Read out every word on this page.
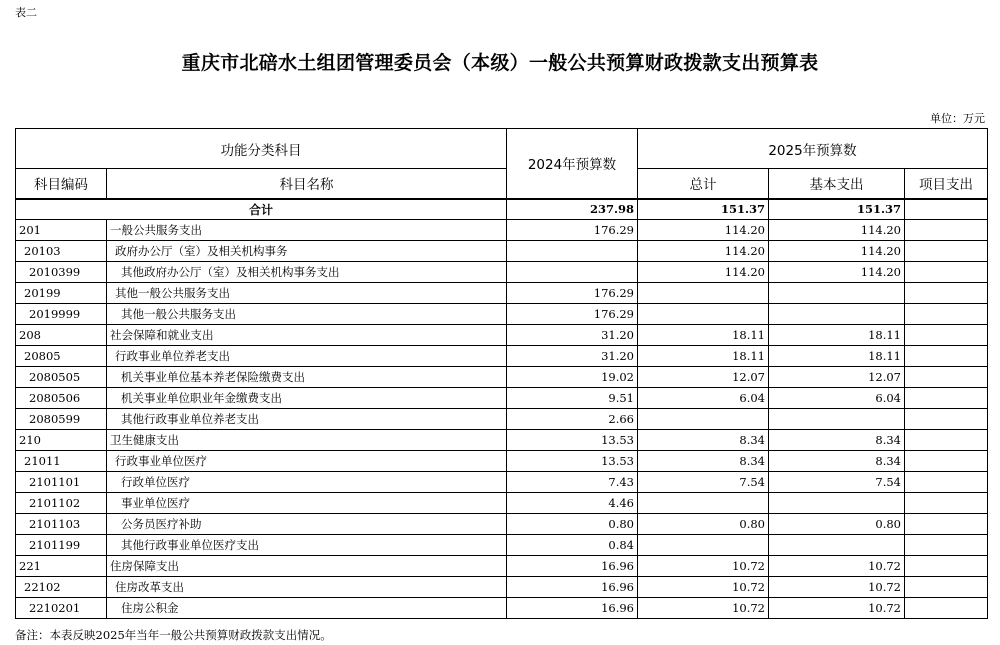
表二
重庆市北碚水土组团管理委员会（本级）一般公共预算财政拨款支出预算表
单位：万元
功能分类科目		2024年预算数	2025年预算数		
科目编码	科目名称		总计	基本支出	项目支出
合计		237.98	151.37	151.37	
201	一般公共服务支出	176.29	114.20	114.20	
20103	政府办公厅（室）及相关机构事务		114.20	114.20	
2010399	其他政府办公厅（室）及相关机构事务支出		114.20	114.20	
20199	其他一般公共服务支出	176.29			
2019999	其他一般公共服务支出	176.29			
208	社会保障和就业支出	31.20	18.11	18.11	
20805	行政事业单位养老支出	31.20	18.11	18.11	
2080505	机关事业单位基本养老保险缴费支出	19.02	12.07	12.07	
2080506	机关事业单位职业年金缴费支出	9.51	6.04	6.04	
2080599	其他行政事业单位养老支出	2.66			
210	卫生健康支出	13.53	8.34	8.34	
21011	行政事业单位医疗	13.53	8.34	8.34	
2101101	行政单位医疗	7.43	7.54	7.54	
2101102	事业单位医疗	4.46			
2101103	公务员医疗补助	0.80	0.80	0.80	
2101199	其他行政事业单位医疗支出	0.84			
221	住房保障支出	16.96	10.72	10.72	
22102	住房改革支出	16.96	10.72	10.72	
2210201	住房公积金	16.96	10.72	10.72	
备注：本表反映2025年当年一般公共预算财政拨款支出情况。
